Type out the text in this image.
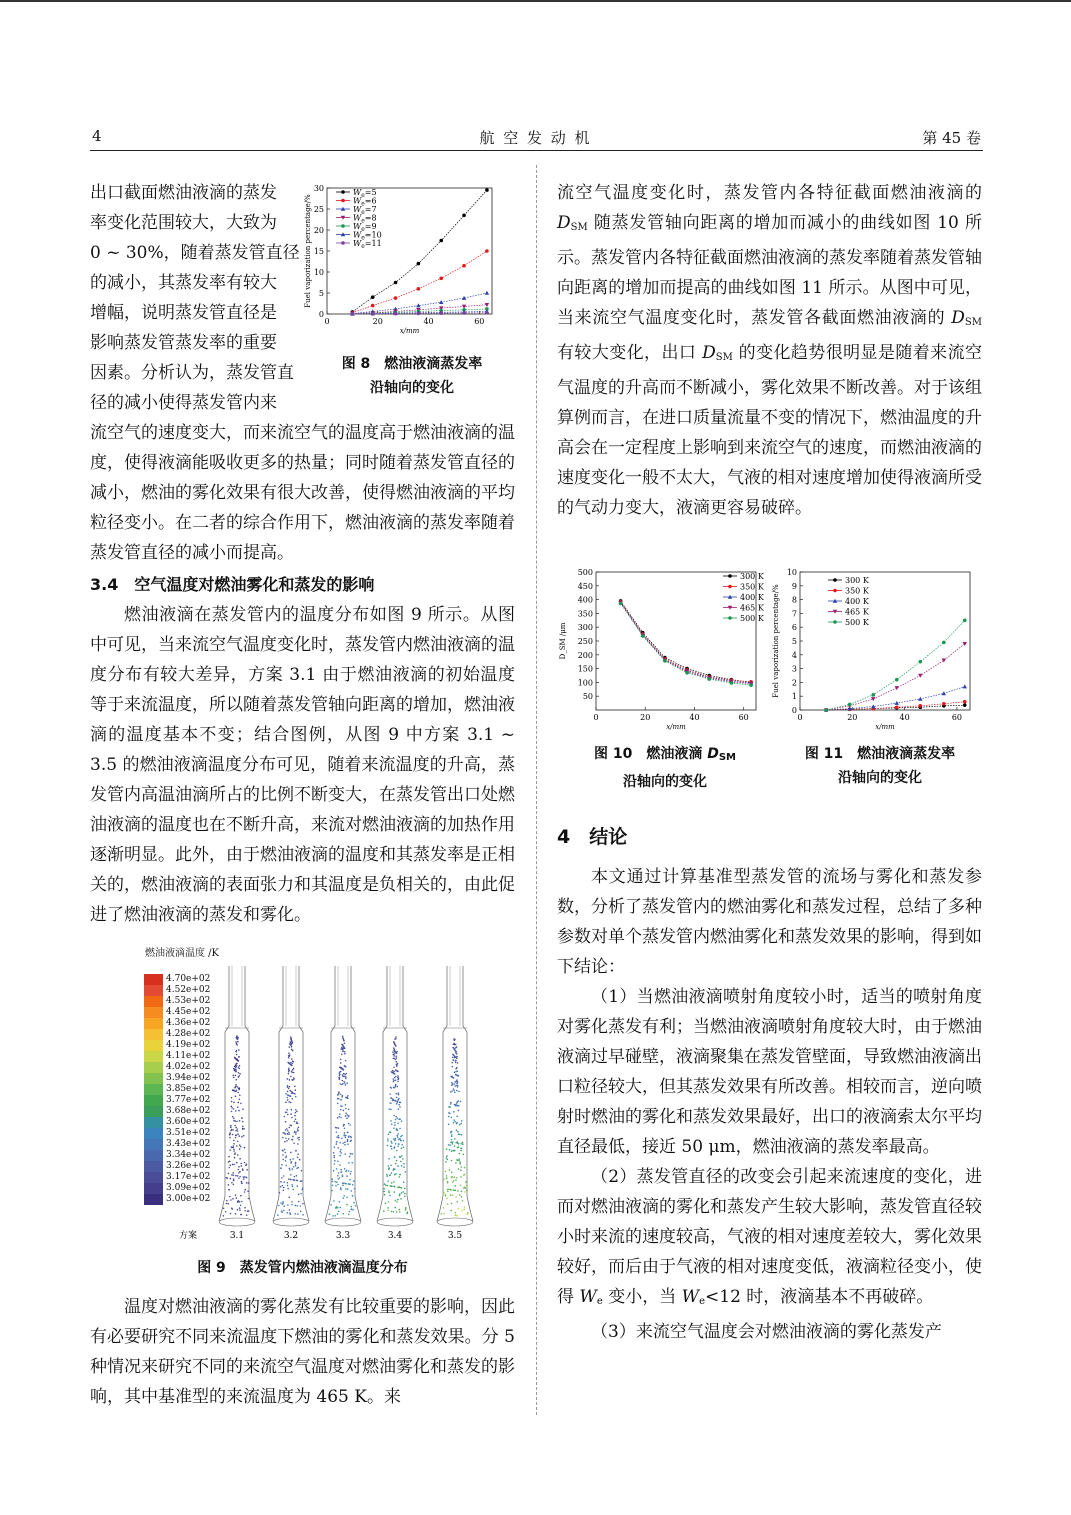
4	航 空 发 动 机	第 45 卷
出口截面燃油液滴的蒸发
率变化范围较大，大致为
0 ~ 30%，随着蒸发管直径
的减小，其蒸发率有较大
增幅，说明蒸发管直径是
影响蒸发管蒸发率的重要
因素。分析认为，蒸发管直
径的减小使得蒸发管内来
0
5
10
15
20
25
30
0	20	40	60
x/mm
Fuel vaporization percentage/%
$W_e=5$
$W_e=6$
$W_e=7$
$W_e=8$
$W_e=9$
$W_e=10$
$W_e=11$
图 8　燃油液滴蒸发率
沿轴向的变化

流空气的速度变大，而来流空气的温度高于燃油液滴的温度，使得液滴能吸收更多的热量；同时随着蒸发管直径的减小，燃油的雾化效果有很大改善，使得燃油液滴的平均粒径变小。在二者的综合作用下，燃油液滴的蒸发率随着蒸发管直径的减小而提高。

3.4　空气温度对燃油雾化和蒸发的影响

燃油液滴在蒸发管内的温度分布如图 9 所示。从图中可见，当来流空气温度变化时，蒸发管内燃油液滴的温度分布有较大差异，方案 3.1 由于燃油液滴的初始温度等于来流温度，所以随着蒸发管轴向距离的增加，燃油液滴的温度基本不变；结合图例，从图 9 中方案 3.1 ~ 3.5 的燃油液滴温度分布可见，随着来流温度的升高，蒸发管内高温油滴所占的比例不断变大，在蒸发管出口处燃油液滴的温度也在不断升高，来流对燃油液滴的加热作用逐渐明显。此外，由于燃油液滴的温度和其蒸发率是正相关的，燃油液滴的表面张力和其温度是负相关的，由此促进了燃油液滴的蒸发和雾化。

燃油液滴温度 /K
4.70e+02
4.52e+02
4.53e+02
4.45e+02
4.36e+02
4.28e+02
4.19e+02
4.11e+02
4.02e+02
3.94e+02
3.85e+02
3.77e+02
3.68e+02
3.60e+02
3.51e+02
3.43e+02
3.34e+02
3.26e+02
3.17e+02
3.09e+02
3.00e+02
方案	3.1	3.2	3.3	3.4	3.5
图 9　蒸发管内燃油液滴温度分布

温度对燃油液滴的雾化蒸发有比较重要的影响，因此有必要研究不同来流温度下燃油的雾化和蒸发效果。分 5 种情况来研究不同的来流空气温度对燃油雾化和蒸发的影响，其中基准型的来流温度为 465 K。来

流空气温度变化时，蒸发管内各特征截面燃油液滴的 $D_{SM}$ 随蒸发管轴向距离的增加而减小的曲线如图 10 所示。蒸发管内各特征截面燃油液滴的蒸发率随着蒸发管轴向距离的增加而提高的曲线如图 11 所示。从图中可见，当来流空气温度变化时，蒸发管各截面燃油液滴的 $D_{SM}$ 有较大变化，出口 $D_{SM}$ 的变化趋势很明显是随着来流空气温度的升高而不断减小，雾化效果不断改善。对于该组算例而言，在进口质量流量不变的情况下，燃油温度的升高会在一定程度上影响到来流空气的速度，而燃油液滴的速度变化一般不太大，气液的相对速度增加使得液滴所受的气动力变大，液滴更容易破碎。

50
100
150
200
250
300
350
400
450
500
0	20	40	60
x/mm
D_SM /μm
300 K
350 K
400 K
465 K
500 K
0
1
2
3
4
5
6
7
8
9
10
0	20	40	60
x/mm
Fuel vaporization percentage/%
300 K
350 K
400 K
465 K
500 K
图 10　燃油液滴 $D_{SM}$
沿轴向的变化
图 11　燃油液滴蒸发率
沿轴向的变化

4　结论

本文通过计算基准型蒸发管的流场与雾化和蒸发参数，分析了蒸发管内的燃油雾化和蒸发过程，总结了多种参数对单个蒸发管内燃油雾化和蒸发效果的影响，得到如下结论：

（1）当燃油液滴喷射角度较小时，适当的喷射角度对雾化蒸发有利；当燃油液滴喷射角度较大时，由于燃油液滴过早碰壁，液滴聚集在蒸发管壁面，导致燃油液滴出口粒径较大，但其蒸发效果有所改善。相较而言，逆向喷射时燃油的雾化和蒸发效果最好，出口的液滴索太尔平均直径最低，接近 50 μm，燃油液滴的蒸发率最高。

（2）蒸发管直径的改变会引起来流速度的变化，进而对燃油液滴的雾化和蒸发产生较大影响，蒸发管直径较小时来流的速度较高，气液的相对速度差较大，雾化效果较好，而后由于气液的相对速度变低，液滴粒径变小，使得 $W_e$ 变小，当 $W_e<12$ 时，液滴基本不再破碎。

（3）来流空气温度会对燃油液滴的雾化蒸发产
